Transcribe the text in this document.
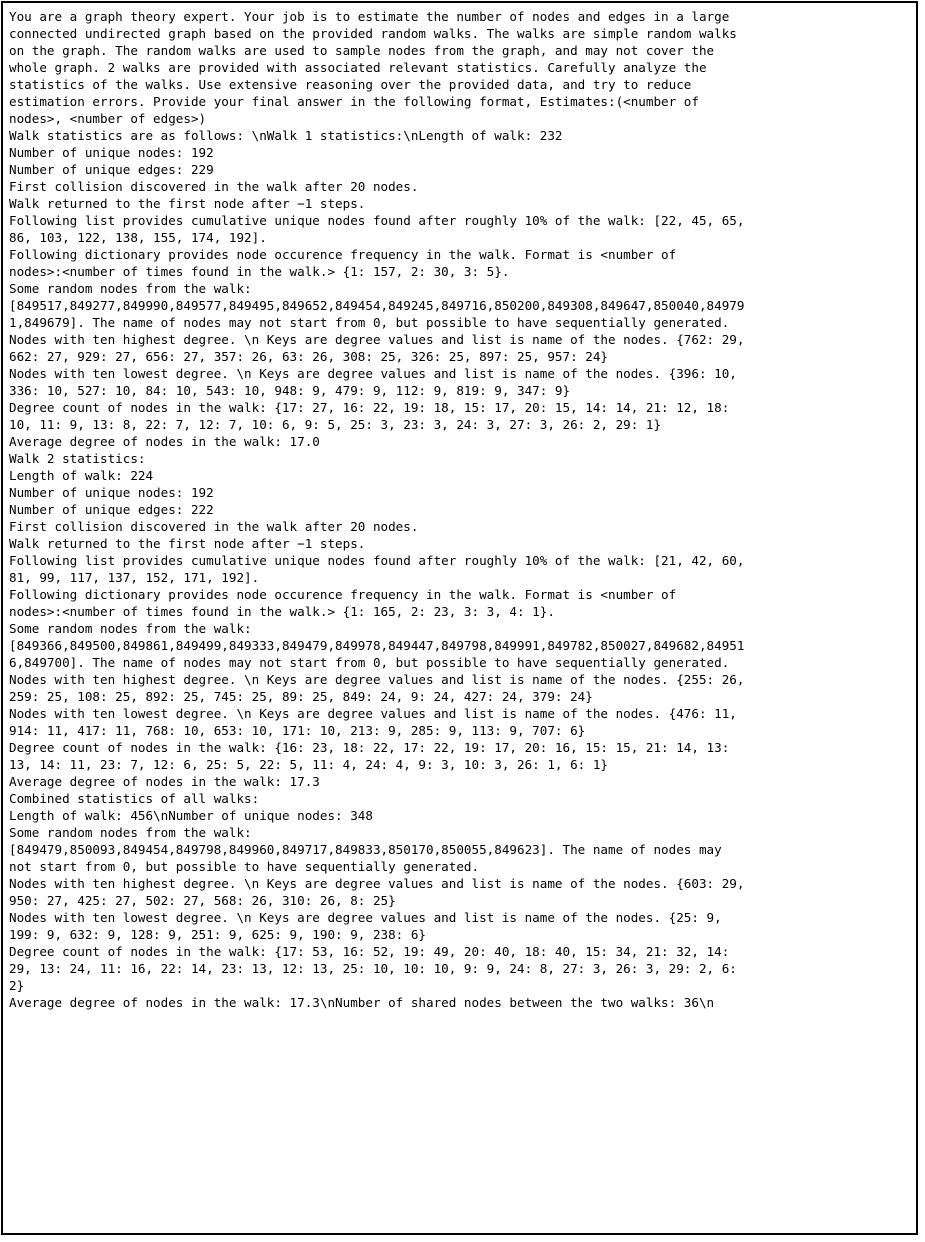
You are a graph theory expert. Your job is to estimate the number of nodes and edges in a large
connected undirected graph based on the provided random walks. The walks are simple random walks
on the graph. The random walks are used to sample nodes from the graph, and may not cover the
whole graph. 2 walks are provided with associated relevant statistics. Carefully analyze the
statistics of the walks. Use extensive reasoning over the provided data, and try to reduce
estimation errors. Provide your final answer in the following format, Estimates:(<number of
nodes>, <number of edges>)
Walk statistics are as follows: \nWalk 1 statistics:\nLength of walk: 232
Number of unique nodes: 192
Number of unique edges: 229
First collision discovered in the walk after 20 nodes.
Walk returned to the first node after −1 steps.
Following list provides cumulative unique nodes found after roughly 10% of the walk: [22, 45, 65,
86, 103, 122, 138, 155, 174, 192].
Following dictionary provides node occurence frequency in the walk. Format is <number of
nodes>:<number of times found in the walk.> {1: 157, 2: 30, 3: 5}.
Some random nodes from the walk:
[849517,849277,849990,849577,849495,849652,849454,849245,849716,850200,849308,849647,850040,84979
1,849679]. The name of nodes may not start from 0, but possible to have sequentially generated.
Nodes with ten highest degree. \n Keys are degree values and list is name of the nodes. {762: 29,
662: 27, 929: 27, 656: 27, 357: 26, 63: 26, 308: 25, 326: 25, 897: 25, 957: 24}
Nodes with ten lowest degree. \n Keys are degree values and list is name of the nodes. {396: 10,
336: 10, 527: 10, 84: 10, 543: 10, 948: 9, 479: 9, 112: 9, 819: 9, 347: 9}
Degree count of nodes in the walk: {17: 27, 16: 22, 19: 18, 15: 17, 20: 15, 14: 14, 21: 12, 18:
10, 11: 9, 13: 8, 22: 7, 12: 7, 10: 6, 9: 5, 25: 3, 23: 3, 24: 3, 27: 3, 26: 2, 29: 1}
Average degree of nodes in the walk: 17.0
Walk 2 statistics:
Length of walk: 224
Number of unique nodes: 192
Number of unique edges: 222
First collision discovered in the walk after 20 nodes.
Walk returned to the first node after −1 steps.
Following list provides cumulative unique nodes found after roughly 10% of the walk: [21, 42, 60,
81, 99, 117, 137, 152, 171, 192].
Following dictionary provides node occurence frequency in the walk. Format is <number of
nodes>:<number of times found in the walk.> {1: 165, 2: 23, 3: 3, 4: 1}.
Some random nodes from the walk:
[849366,849500,849861,849499,849333,849479,849978,849447,849798,849991,849782,850027,849682,84951
6,849700]. The name of nodes may not start from 0, but possible to have sequentially generated.
Nodes with ten highest degree. \n Keys are degree values and list is name of the nodes. {255: 26,
259: 25, 108: 25, 892: 25, 745: 25, 89: 25, 849: 24, 9: 24, 427: 24, 379: 24}
Nodes with ten lowest degree. \n Keys are degree values and list is name of the nodes. {476: 11,
914: 11, 417: 11, 768: 10, 653: 10, 171: 10, 213: 9, 285: 9, 113: 9, 707: 6}
Degree count of nodes in the walk: {16: 23, 18: 22, 17: 22, 19: 17, 20: 16, 15: 15, 21: 14, 13:
13, 14: 11, 23: 7, 12: 6, 25: 5, 22: 5, 11: 4, 24: 4, 9: 3, 10: 3, 26: 1, 6: 1}
Average degree of nodes in the walk: 17.3
Combined statistics of all walks:
Length of walk: 456\nNumber of unique nodes: 348
Some random nodes from the walk:
[849479,850093,849454,849798,849960,849717,849833,850170,850055,849623]. The name of nodes may
not start from 0, but possible to have sequentially generated.
Nodes with ten highest degree. \n Keys are degree values and list is name of the nodes. {603: 29,
950: 27, 425: 27, 502: 27, 568: 26, 310: 26, 8: 25}
Nodes with ten lowest degree. \n Keys are degree values and list is name of the nodes. {25: 9,
199: 9, 632: 9, 128: 9, 251: 9, 625: 9, 190: 9, 238: 6}
Degree count of nodes in the walk: {17: 53, 16: 52, 19: 49, 20: 40, 18: 40, 15: 34, 21: 32, 14:
29, 13: 24, 11: 16, 22: 14, 23: 13, 12: 13, 25: 10, 10: 10, 9: 9, 24: 8, 27: 3, 26: 3, 29: 2, 6:
2}
Average degree of nodes in the walk: 17.3\nNumber of shared nodes between the two walks: 36\n
